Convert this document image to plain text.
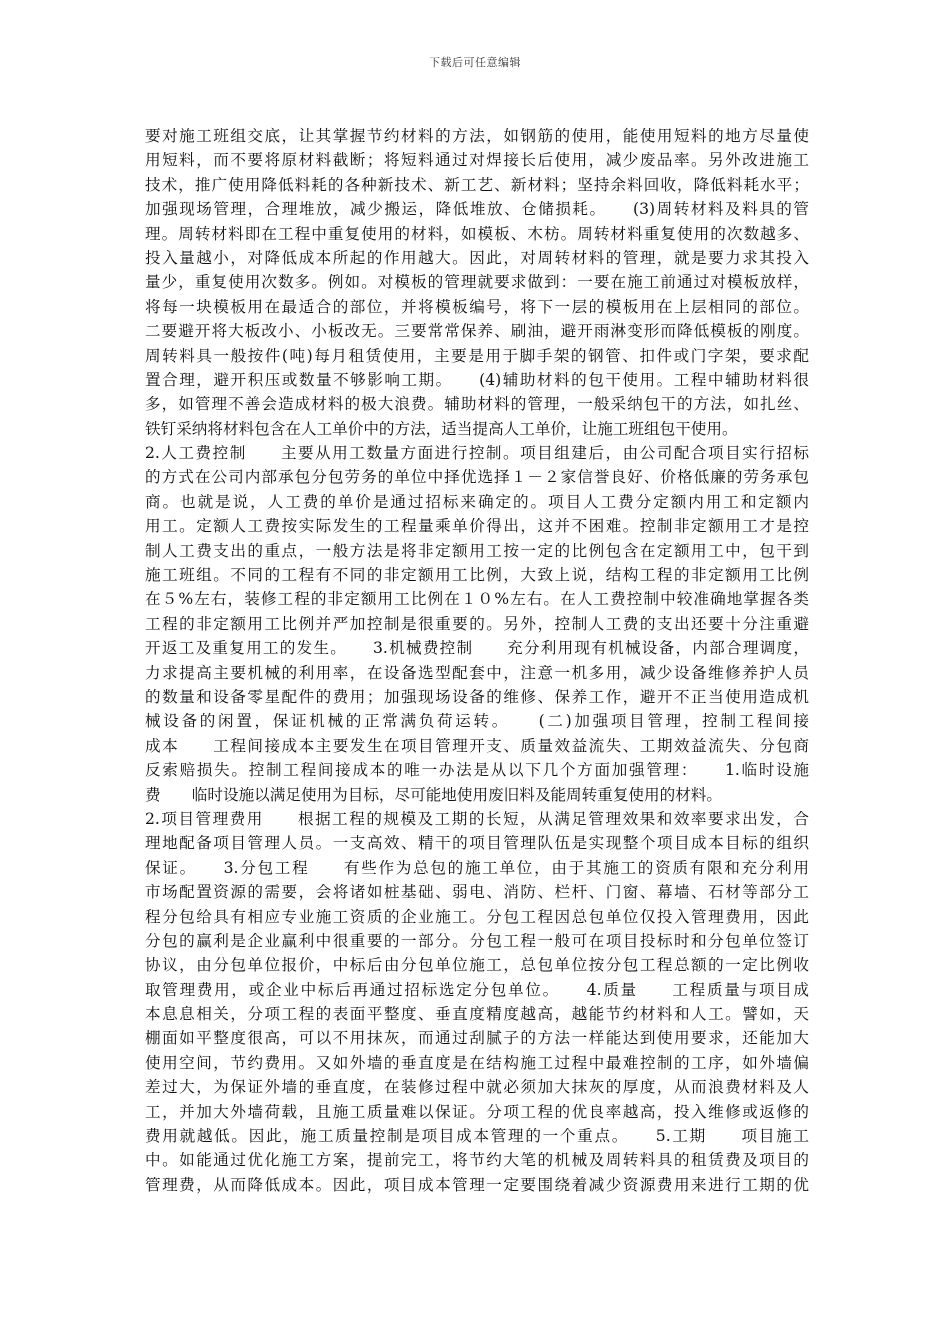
下载后可任意编辑
要对施工班组交底，让其掌握节约材料的方法，如钢筋的使用，能使用短料的地方尽量使
用短料，而不要将原材料截断；将短料通过对焊接长后使用，减少废品率。另外改进施工
技术，推广使用降低料耗的各种新技术、新工艺、新材料；坚持余料回收，降低料耗水平；
加强现场管理，合理堆放，减少搬运，降低堆放、仓储损耗。　　(3)周转材料及料具的管
理。周转材料即在工程中重复使用的材料，如模板、木枋。周转材料重复使用的次数越多、
投入量越小，对降低成本所起的作用越大。因此，对周转材料的管理，就是要力求其投入
量少，重复使用次数多。例如。对模板的管理就要求做到：一要在施工前通过对模板放样，
将每一块模板用在最适合的部位，并将模板编号，将下一层的模板用在上层相同的部位。
二要避开将大板改小、小板改无。三要常常保养、刷油，避开雨淋变形而降低模板的刚度。
周转料具一般按件(吨)每月租赁使用，主要是用于脚手架的钢管、扣件或门字架，要求配
置合理，避开积压或数量不够影响工期。　　(4)辅助材料的包干使用。工程中辅助材料很
多，如管理不善会造成材料的极大浪费。辅助材料的管理，一般采纳包干的方法，如扎丝、
铁钉采纳将材料包含在人工单价中的方法，适当提高人工单价，让施工班组包干使用。
2.人工费控制　　主要从用工数量方面进行控制。项目组建后，由公司配合项目实行招标
的方式在公司内部承包分包劳务的单位中择优选择１－２家信誉良好、价格低廉的劳务承包
商。也就是说，人工费的单价是通过招标来确定的。项目人工费分定额内用工和定额内
用工。定额人工费按实际发生的工程量乘单价得出，这并不困难。控制非定额用工才是控
制人工费支出的重点，一般方法是将非定额用工按一定的比例包含在定额用工中，包干到
施工班组。不同的工程有不同的非定额用工比例，大致上说，结构工程的非定额用工比例
在５%左右，装修工程的非定额用工比例在１０%左右。在人工费控制中较准确地掌握各类
工程的非定额用工比例并严加控制是很重要的。另外，控制人工费的支出还要十分注重避
开返工及重复用工的发生。　　3.机械费控制　　充分利用现有机械设备，内部合理调度，
力求提高主要机械的利用率，在设备选型配套中，注意一机多用，减少设备维修养护人员
的数量和设备零星配件的费用；加强现场设备的维修、保养工作，避开不正当使用造成机
械设备的闲置，保证机械的正常满负荷运转。　　(二)加强项目管理，控制工程间接
成本　　工程间接成本主要发生在项目管理开支、质量效益流失、工期效益流失、分包商
反索赔损失。控制工程间接成本的唯一办法是从以下几个方面加强管理：　　1.临时设施
费　　临时设施以满足使用为目标，尽可能地使用废旧料及能周转重复使用的材料。
2.项目管理费用　　根据工程的规模及工期的长短，从满足管理效果和效率要求出发，合
理地配备项目管理人员。一支高效、精干的项目管理队伍是实现整个项目成本目标的组织
保证。　　3.分包工程　　有些作为总包的施工单位，由于其施工的资质有限和充分利用
市场配置资源的需要，会将诸如桩基础、弱电、消防、栏杆、门窗、幕墙、石材等部分工
程分包给具有相应专业施工资质的企业施工。分包工程因总包单位仅投入管理费用，因此
分包的赢利是企业赢利中很重要的一部分。分包工程一般可在项目投标时和分包单位签订
协议，由分包单位报价，中标后由分包单位施工，总包单位按分包工程总额的一定比例收
取管理费用，或企业中标后再通过招标选定分包单位。　　4.质量　　工程质量与项目成
本息息相关，分项工程的表面平整度、垂直度精度越高，越能节约材料和人工。譬如，天
棚面如平整度很高，可以不用抹灰，而通过刮腻子的方法一样能达到使用要求，还能加大
使用空间，节约费用。又如外墙的垂直度是在结构施工过程中最难控制的工序，如外墙偏
差过大，为保证外墙的垂直度，在装修过程中就必须加大抹灰的厚度，从而浪费材料及人
工，并加大外墙荷载，且施工质量难以保证。分项工程的优良率越高，投入维修或返修的
费用就越低。因此，施工质量控制是项目成本管理的一个重点。　　5.工期　　项目施工
中。如能通过优化施工方案，提前完工，将节约大笔的机械及周转料具的租赁费及项目的
管理费，从而降低成本。因此，项目成本管理一定要围绕着减少资源费用来进行工期的优
